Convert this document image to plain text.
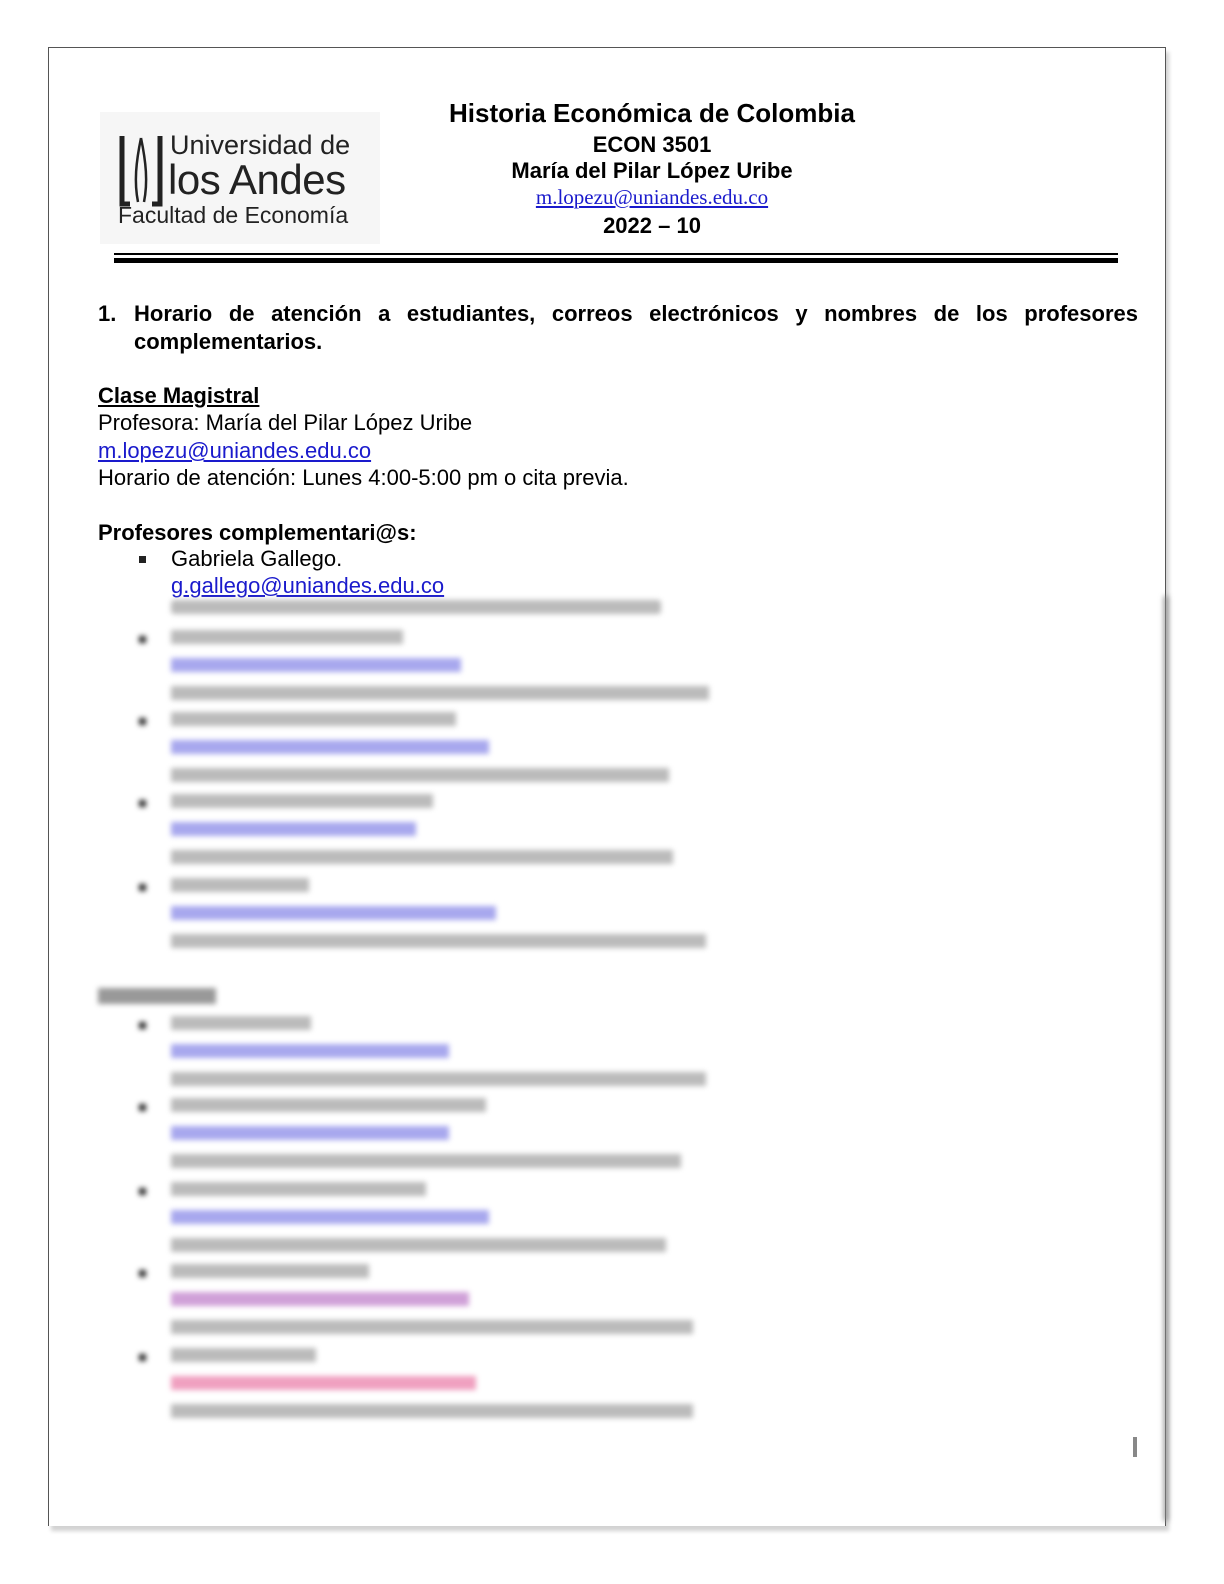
Universidad de
los Andes
Facultad de Economía
Historia Económica de Colombia
ECON 3501
María del Pilar López Uribe
m.lopezu@uniandes.edu.co
2022 – 10
1. Horario de atención a estudiantes, correos electrónicos y nombres de los profesores complementarios.
Clase Magistral
Profesora: María del Pilar López Uribe
m.lopezu@uniandes.edu.co
Horario de atención: Lunes 4:00-5:00 pm o cita previa.
Profesores complementari@s:
Gabriela Gallego.
g.gallego@uniandes.edu.co
